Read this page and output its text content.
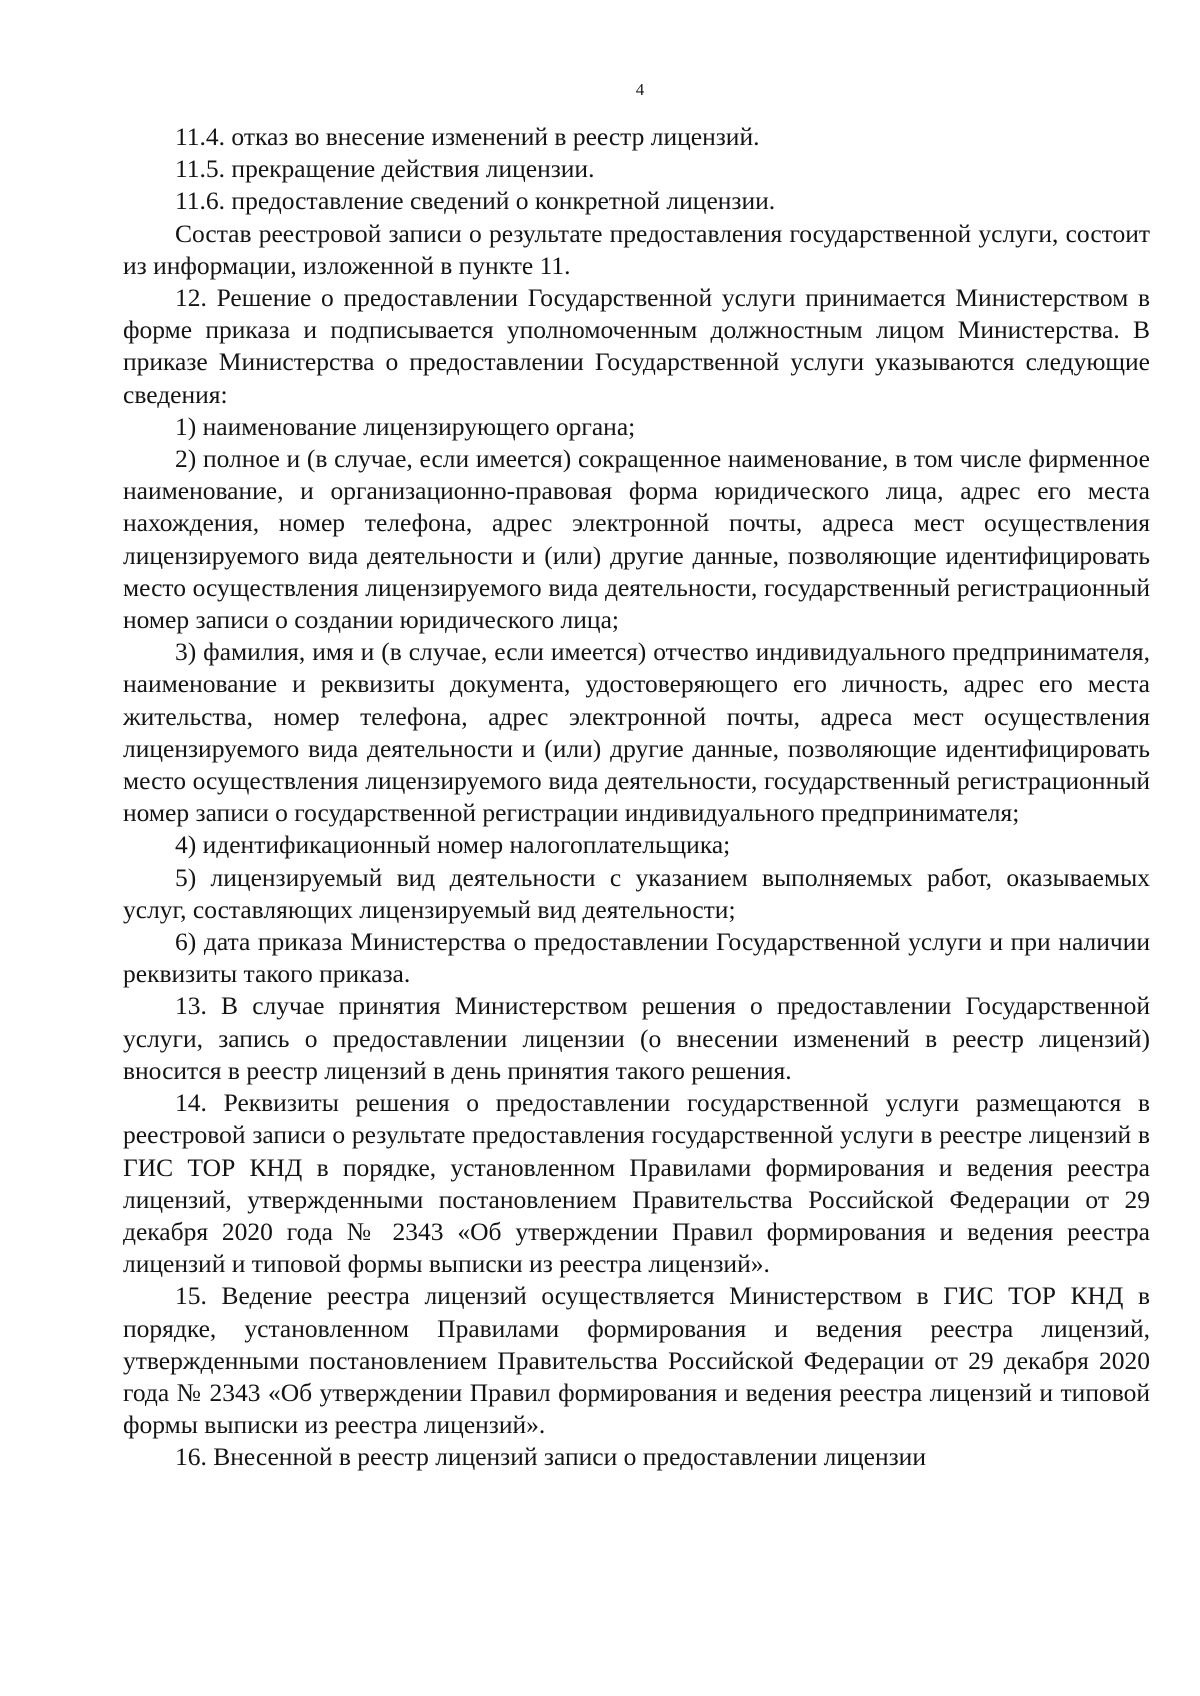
4

11.4. отказ во внесение изменений в реестр лицензий.

11.5. прекращение действия лицензии.

11.6. предоставление сведений о конкретной лицензии.

Состав реестровой записи о результате предоставления государственной услуги, состоит из информации, изложенной в пункте 11.

12. Решение о предоставлении Государственной услуги принимается Министерством в форме приказа и подписывается уполномоченным должностным лицом Министерства. В приказе Министерства о предоставлении Государственной услуги указываются следующие сведения:

1) наименование лицензирующего органа;

2) полное и (в случае, если имеется) сокращенное наименование, в том числе фирменное наименование, и организационно-правовая форма юридического лица, адрес его места нахождения, номер телефона, адрес электронной почты, адреса мест осуществления лицензируемого вида деятельности и (или) другие данные, позволяющие идентифицировать место осуществления лицензируемого вида деятельности, государственный регистрационный номер записи о создании юридического лица;

3) фамилия, имя и (в случае, если имеется) отчество индивидуального предпринимателя, наименование и реквизиты документа, удостоверяющего его личность, адрес его места жительства, номер телефона, адрес электронной почты, адреса мест осуществления лицензируемого вида деятельности и (или) другие данные, позволяющие идентифицировать место осуществления лицензируемого вида деятельности, государственный регистрационный номер записи о государственной регистрации индивидуального предпринимателя;

4) идентификационный номер налогоплательщика;

5) лицензируемый вид деятельности с указанием выполняемых работ, оказываемых услуг, составляющих лицензируемый вид деятельности;

6) дата приказа Министерства о предоставлении Государственной услуги и при наличии реквизиты такого приказа.

13. В случае принятия Министерством решения о предоставлении Государственной услуги, запись о предоставлении лицензии (о внесении изменений в реестр лицензий) вносится в реестр лицензий в день принятия такого решения.

14. Реквизиты решения о предоставлении государственной услуги размещаются в реестровой записи о результате предоставления государственной услуги в реестре лицензий в ГИС ТОР КНД в порядке, установленном Правилами формирования и ведения реестра лицензий, утвержденными постановлением Правительства Российской Федерации от 29 декабря 2020 года № 2343 «Об утверждении Правил формирования и ведения реестра лицензий и типовой формы выписки из реестра лицензий».

15. Ведение реестра лицензий осуществляется Министерством в ГИС ТОР КНД в порядке, установленном Правилами формирования и ведения реестра лицензий, утвержденными постановлением Правительства Российской Федерации от 29 декабря 2020 года № 2343 «Об утверждении Правил формирования и ведения реестра лицензий и типовой формы выписки из реестра лицензий».

16. Внесенной в реестр лицензий записи о предоставлении лицензии
